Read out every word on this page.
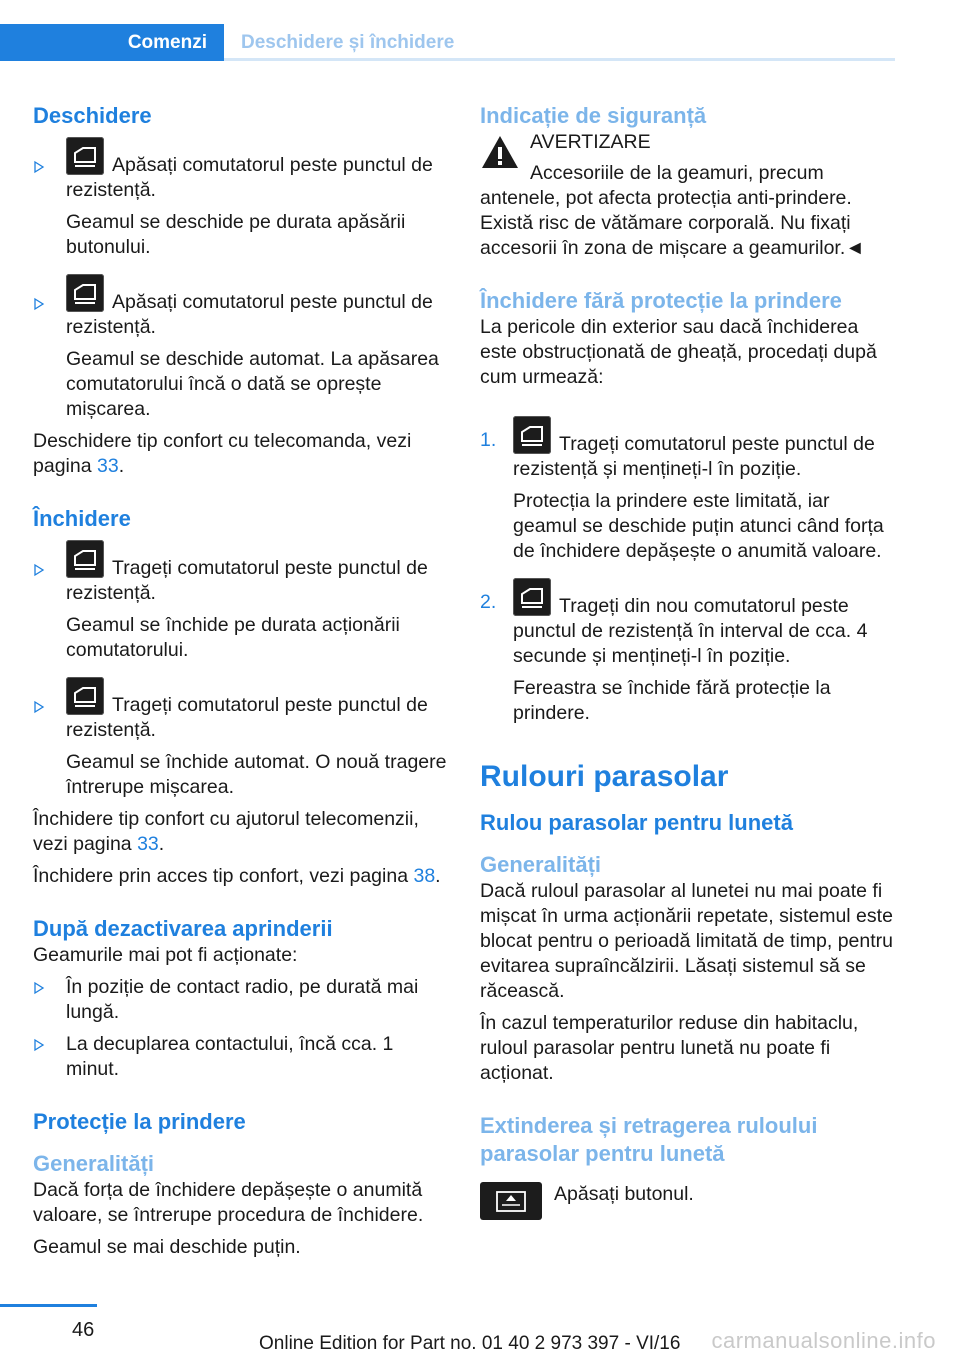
Comenzi	Deschidere și închidere
Deschidere

Apăsați comutatorul peste punctul de rezistență.

Geamul se deschide pe durata apăsării butonului.

Apăsați comutatorul peste punctul de rezistență.

Geamul se deschide automat. La apăsarea comutatorului încă o dată se oprește mișcarea.

Deschidere tip confort cu telecomanda, vezi pagina 33.

Închidere

Trageți comutatorul peste punctul de rezistență.

Geamul se închide pe durata acționării comutatorului.

Trageți comutatorul peste punctul de rezistență.

Geamul se închide automat. O nouă tragere întrerupe mișcarea.

Închidere tip confort cu ajutorul telecomenzii, vezi pagina 33.

Închidere prin acces tip confort, vezi pagina 38.

După dezactivarea aprinderii

Geamurile mai pot fi acționate:

În poziție de contact radio, pe durată mai lungă.

La decuplarea contactului, încă cca. 1 minut.

Protecție la prindere
Generalități

Dacă forța de închidere depășește o anumită valoare, se întrerupe procedura de închidere.

Geamul se mai deschide puțin.

Indicație de siguranță

AVERTIZARE

Accesoriile de la geamuri, precum antenele, pot afecta protecția anti-prindere. Există risc de vătămare corporală. Nu fixați accesorii în zona de mișcare a geamurilor.◄

Închidere fără protecție la prindere

La pericole din exterior sau dacă închiderea este obstrucționată de gheață, procedați după cum urmează:

1.	Trageți comutatorul peste punctul de rezistență și mențineți-l în poziție.

Protecția la prindere este limitată, iar geamul se deschide puțin atunci când forța de închidere depășește o anumită valoare.

2.	Trageți din nou comutatorul peste punctul de rezistență în interval de cca. 4 secunde și mențineți-l în poziție.

Fereastra se închide fără protecție la prindere.

Rulouri parasolar
Rulou parasolar pentru lunetă
Generalități

Dacă ruloul parasolar al lunetei nu mai poate fi mișcat în urma acționării repetate, sistemul este blocat pentru o perioadă limitată de timp, pentru evitarea supraîncălzirii. Lăsați sistemul să se răcească.

În cazul temperaturilor reduse din habitaclu, ruloul parasolar pentru lunetă nu poate fi acționat.

Extinderea și retragerea ruloului parasolar pentru lunetă

Apăsați butonul.

46
Online Edition for Part no. 01 40 2 973 397 - VI/16 carmanualsonline.info
